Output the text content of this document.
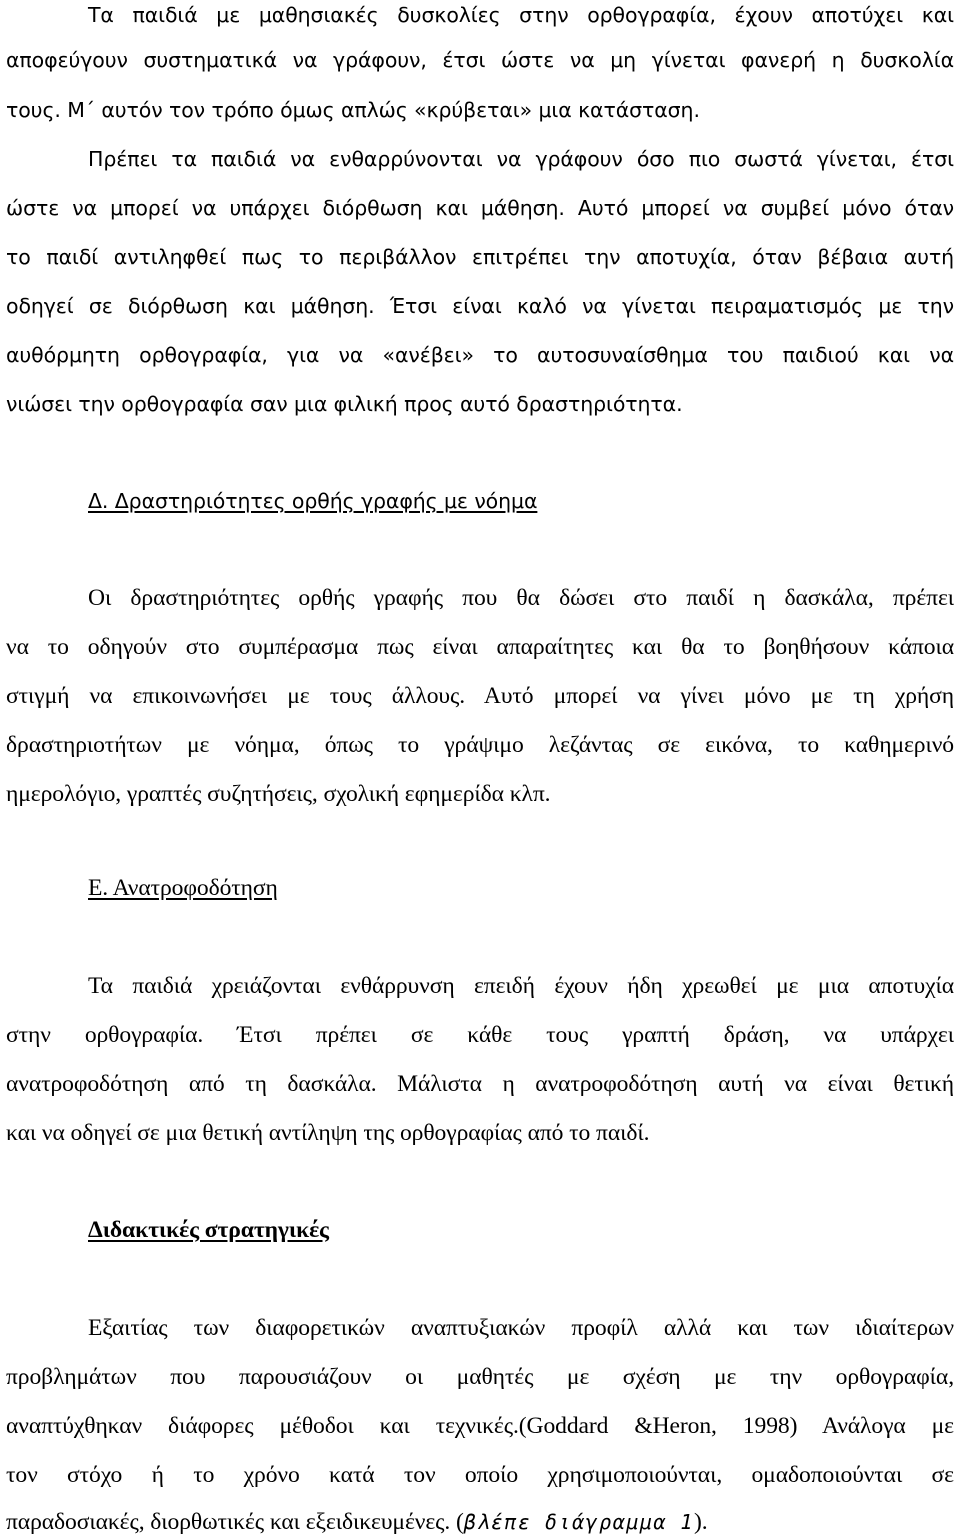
Τα παιδιά με μαθησιακές δυσκολίες στην ορθογραφία, έχουν αποτύχει και
αποφεύγουν συστηματικά να γράφουν, έτσι ώστε να μη γίνεται φανερή η δυσκολία
τους. Μ΄ αυτόν τον τρόπο όμως απλώς «κρύβεται» μια κατάσταση.
Πρέπει τα παιδιά να ενθαρρύνονται να γράφουν όσο πιο σωστά γίνεται, έτσι
ώστε να μπορεί να υπάρχει διόρθωση και μάθηση. Αυτό μπορεί να συμβεί μόνο όταν
το παιδί αντιληφθεί πως το περιβάλλον επιτρέπει την αποτυχία, όταν βέβαια αυτή
οδηγεί σε διόρθωση και μάθηση. Έτσι είναι καλό να γίνεται πειραματισμός με την
αυθόρμητη ορθογραφία, για να «ανέβει» το αυτοσυναίσθημα του παιδιού και να
νιώσει την ορθογραφία σαν μια φιλική προς αυτό δραστηριότητα.
Δ. Δραστηριότητες ορθής γραφής με νόημα
Οι δραστηριότητες ορθής γραφής που θα δώσει στο παιδί η δασκάλα, πρέπει
να το οδηγούν στο συμπέρασμα πως είναι απαραίτητες και θα το βοηθήσουν κάποια
στιγμή να επικοινωνήσει με τους άλλους. Αυτό μπορεί να γίνει μόνο με τη χρήση
δραστηριοτήτων με νόημα, όπως το γράψιμο λεζάντας σε εικόνα, το καθημερινό
ημερολόγιο, γραπτές συζητήσεις, σχολική εφημερίδα κλπ.
Ε. Ανατροφοδότηση
Τα παιδιά χρειάζονται ενθάρρυνση επειδή έχουν ήδη χρεωθεί με μια αποτυχία
στην ορθογραφία. Έτσι πρέπει σε κάθε τους γραπτή δράση, να υπάρχει
ανατροφοδότηση από τη δασκάλα. Μάλιστα η ανατροφοδότηση αυτή να είναι θετική
και να οδηγεί σε μια θετική αντίληψη της ορθογραφίας από το παιδί.
Διδακτικές στρατηγικές
Εξαιτίας των διαφορετικών αναπτυξιακών προφίλ αλλά και των ιδιαίτερων
προβλημάτων που παρουσιάζουν οι μαθητές με σχέση με την ορθογραφία,
αναπτύχθηκαν διάφορες μέθοδοι και τεχνικές.(Goddard &Heron, 1998) Ανάλογα με
τον στόχο ή το χρόνο κατά τον οποίο χρησιμοποιούνται, ομαδοποιούνται σε
παραδοσιακές, διορθωτικές και εξειδικευμένες. (βλέπε διάγραμμα 1).
